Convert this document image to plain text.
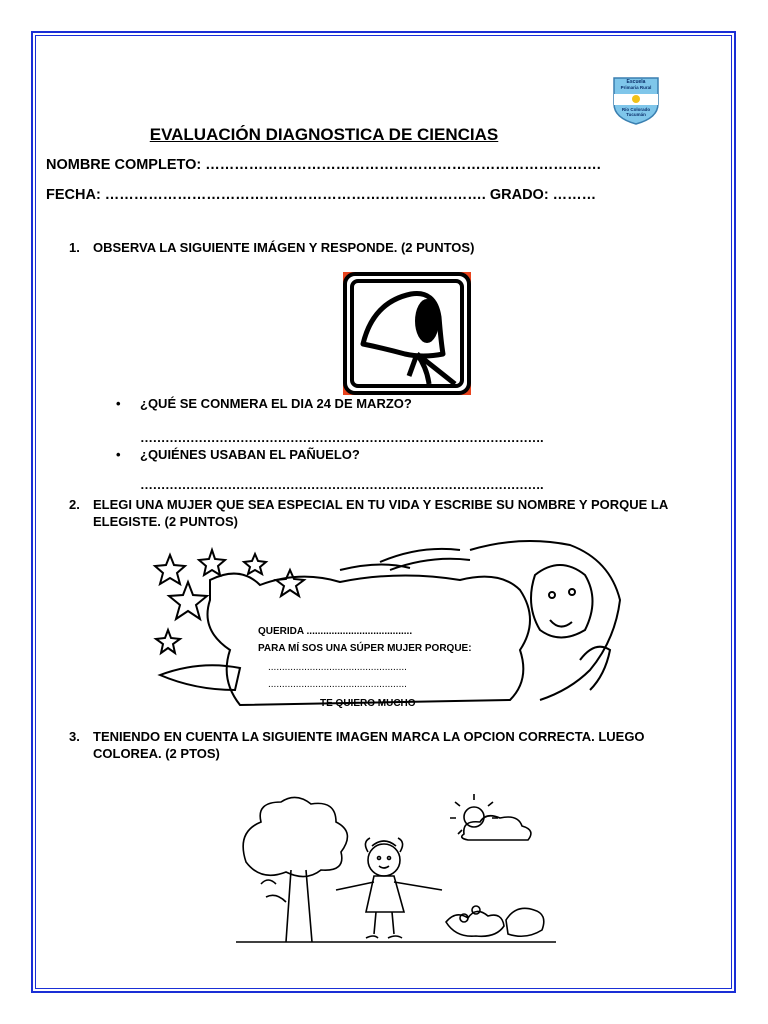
Escuela
Primaria Rural
Río Colorado
Tucumán
EVALUACIÓN DIAGNOSTICA DE CIENCIAS
NOMBRE COMPLETO: ……………………………………………………………………….
FECHA: ……………………………………………………………………. GRADO: ………
1. OBSERVA LA SIGUIENTE IMÁGEN Y RESPONDE. (2 PUNTOS)
• ¿QUÉ SE CONMERA EL DIA 24 DE MARZO?
…………………………………………………………………………………….
• ¿QUIÉNES USABAN EL PAÑUELO?
…………………………………………………………………………………….
2.	ELEGI UNA MUJER QUE SEA ESPECIAL EN TU VIDA Y ESCRIBE SU NOMBRE Y PORQUE LA ELEGISTE. (2 PUNTOS)
QUERIDA ......................................
PARA MÍ SOS UNA SÚPER MUJER PORQUE:
..................................................
..................................................
TE QUIERO MUCHO
3.	TENIENDO EN CUENTA LA SIGUIENTE IMAGEN MARCA LA OPCION CORRECTA. LUEGO COLOREA. (2 PTOS)
